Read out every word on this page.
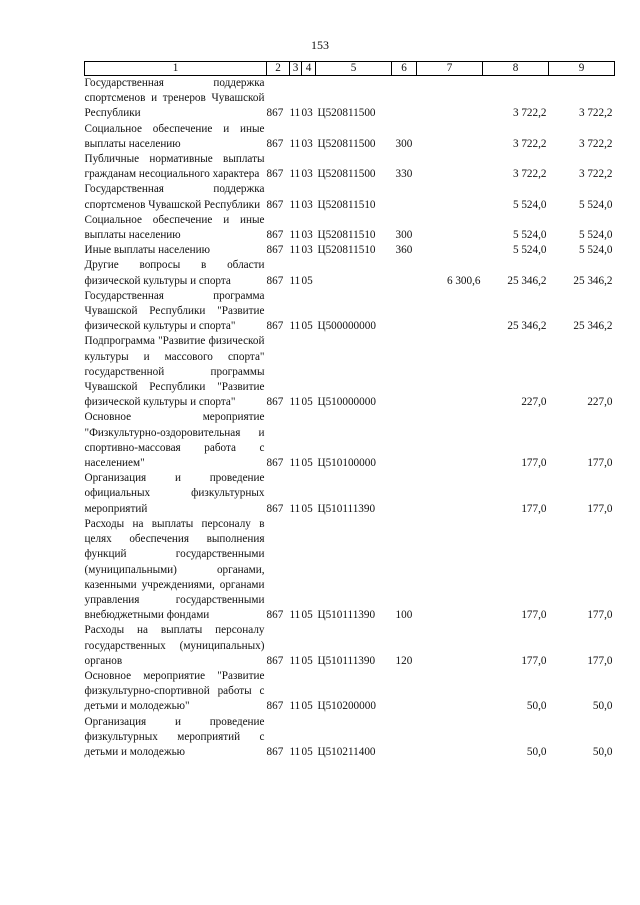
153
1	2	3	4	5	6	7	8	9
Государственная поддержка спортсменов и тренеров Чувашской Республики	867	11	03	Ц520811500			3 722,2	3 722,2
Социальное обеспечение и иные выплаты населению	867	11	03	Ц520811500	300		3 722,2	3 722,2
Публичные нормативные выплаты гражданам несоциального характера	867	11	03	Ц520811500	330		3 722,2	3 722,2
Государственная поддержка спортсменов Чувашской Республики	867	11	03	Ц520811510			5 524,0	5 524,0
Социальное обеспечение и иные выплаты населению	867	11	03	Ц520811510	300		5 524,0	5 524,0
Иные выплаты населению	867	11	03	Ц520811510	360		5 524,0	5 524,0
Другие вопросы в области физической культуры и спорта	867	11	05			6 300,6	25 346,2	25 346,2
Государственная программа Чувашской Республики "Развитие физической культуры и спорта"	867	11	05	Ц500000000			25 346,2	25 346,2
Подпрограмма "Развитие физической культуры и массового спорта" государственной программы Чувашской Республики "Развитие физической культуры и спорта"	867	11	05	Ц510000000			227,0	227,0
Основное мероприятие "Физкультурно-оздоровительная и спортивно-массовая работа с населением"	867	11	05	Ц510100000			177,0	177,0
Организация и проведение официальных физкультурных мероприятий	867	11	05	Ц510111390			177,0	177,0
Расходы на выплаты персоналу в целях обеспечения выполнения функций государственными (муниципальными) органами, казенными учреждениями, органами управления государственными внебюджетными фондами	867	11	05	Ц510111390	100		177,0	177,0
Расходы на выплаты персоналу государственных (муниципальных) органов	867	11	05	Ц510111390	120		177,0	177,0
Основное мероприятие "Развитие физкультурно-спортивной работы с детьми и молодежью"	867	11	05	Ц510200000			50,0	50,0
Организация и проведение физкультурных мероприятий с детьми и молодежью	867	11	05	Ц510211400			50,0	50,0
